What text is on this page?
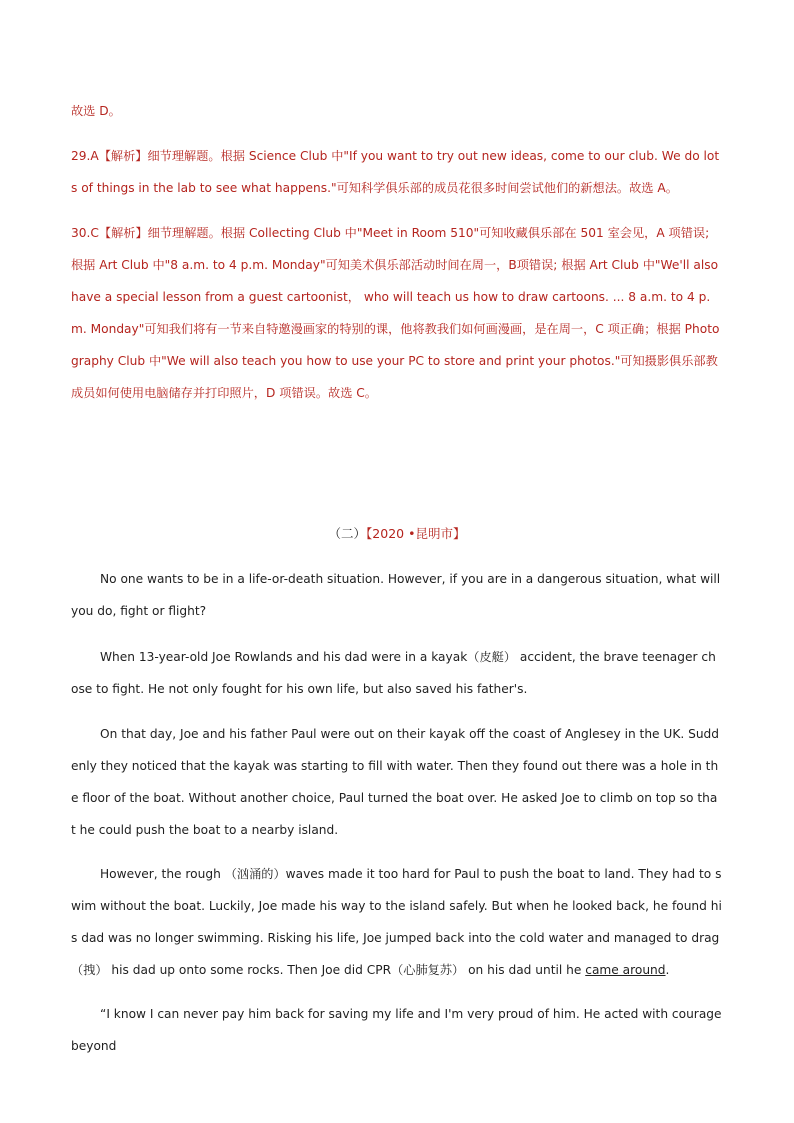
故选 D。

29.A【解析】细节理解题。根据 Science Club 中"If you want to try out new ideas, come to our club. We do lots of things in the lab to see what happens."可知科学俱乐部的成员花很多时间尝试他们的新想法。故选 A。

30.C【解析】细节理解题。根据 Collecting Club 中"Meet in Room 510"可知收藏俱乐部在 501 室会见，A 项错误; 根据 Art Club 中"8 a.m. to 4 p.m. Monday"可知美术俱乐部活动时间在周一，B项错误; 根据 Art Club 中"We'll also have a special lesson from a guest cartoonist， who will teach us how to draw cartoons. ... 8 a.m. to 4 p.m. Monday"可知我们将有一节来自特邀漫画家的特别的课，他将教我们如何画漫画，是在周一，C 项正确；根据 Photography Club 中"We will also teach you how to use your PC to store and print your photos."可知摄影俱乐部教成员如何使用电脑储存并打印照片，D 项错误。故选 C。

（二）【2020 •昆明市】

No one wants to be in a life-or-death situation. However, if you are in a dangerous situation, what will you do, fight or flight?

When 13-year-old Joe Rowlands and his dad were in a kayak（皮艇） accident, the brave teenager chose to fight. He not only fought for his own life, but also saved his father's.

On that day, Joe and his father Paul were out on their kayak off the coast of Anglesey in the UK. Suddenly they noticed that the kayak was starting to fill with water. Then they found out there was a hole in the floor of the boat. Without another choice, Paul turned the boat over. He asked Joe to climb on top so that he could push the boat to a nearby island.

However, the rough （汹涌的）waves made it too hard for Paul to push the boat to land. They had to swim without the boat. Luckily, Joe made his way to the island safely. But when he looked back, he found his dad was no longer swimming. Risking his life, Joe jumped back into the cold water and managed to drag（拽） his dad up onto some rocks. Then Joe did CPR（心肺复苏） on his dad until he came around.

“I know I can never pay him back for saving my life and I'm very proud of him. He acted with courage beyond
